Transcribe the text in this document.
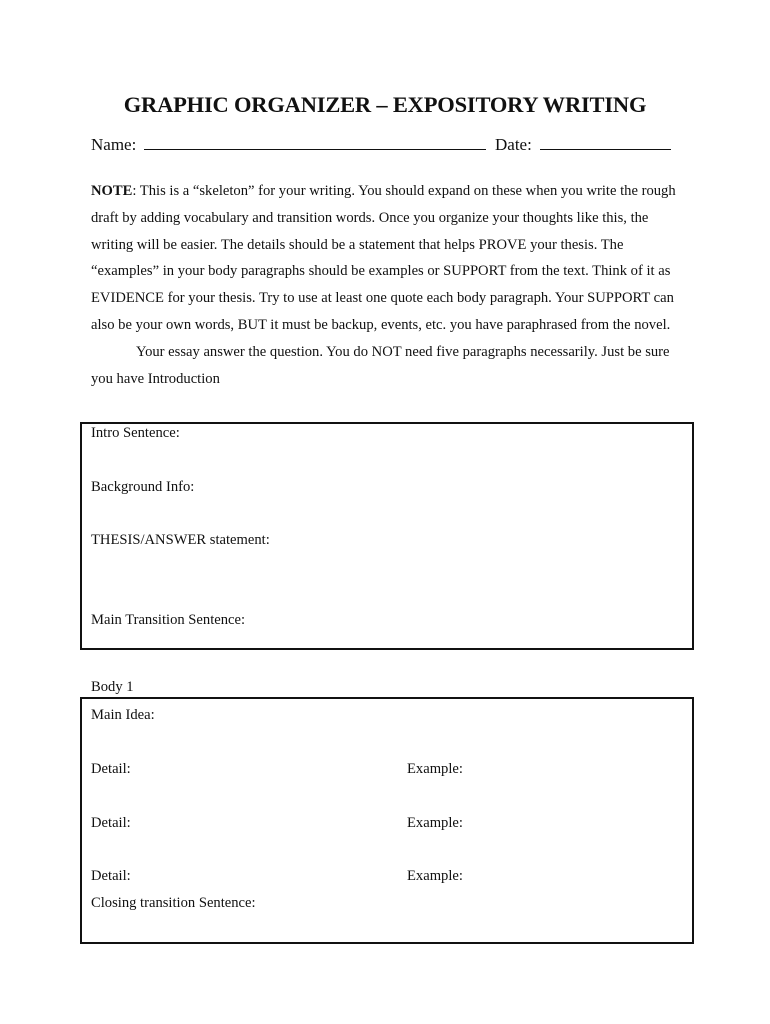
GRAPHIC ORGANIZER – EXPOSITORY WRITING
Name:	Date:

NOTE: This is a “skeleton” for your writing. You should expand on these when you write the rough draft by adding vocabulary and transition words. Once you organize your thoughts like this, the writing will be easier. The details should be a statement that helps PROVE your thesis. The “examples” in your body paragraphs should be examples or SUPPORT from the text. Think of it as EVIDENCE for your thesis. Try to use at least one quote each body paragraph. Your SUPPORT can also be your own words, BUT it must be backup, events, etc. you have paraphrased from the novel.

Your essay answer the question. You do NOT need five paragraphs necessarily. Just be sure you have Introduction

Intro Sentence:
Background Info:
THESIS/ANSWER statement:
Main Transition Sentence:
Body 1
Main Idea:
Detail:	Example:
Detail:	Example:
Detail:	Example:
Closing transition Sentence:
